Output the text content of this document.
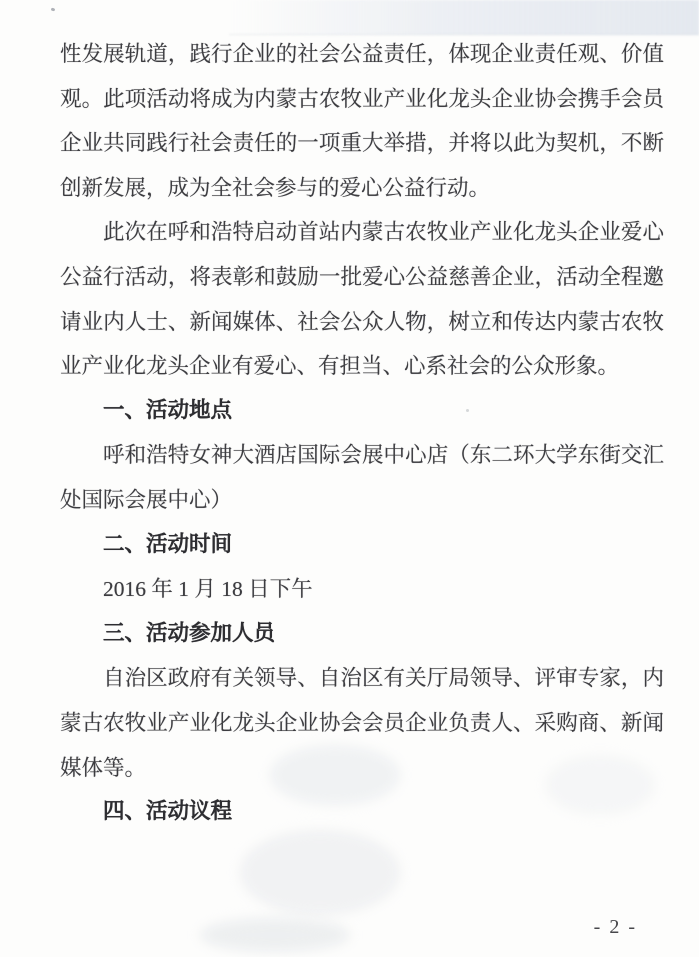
性发展轨道，践行企业的社会公益责任，体现企业责任观、价值观。此项活动将成为内蒙古农牧业产业化龙头企业协会携手会员企业共同践行社会责任的一项重大举措，并将以此为契机，不断创新发展，成为全社会参与的爱心公益行动。

此次在呼和浩特启动首站内蒙古农牧业产业化龙头企业爱心公益行活动，将表彰和鼓励一批爱心公益慈善企业，活动全程邀请业内人士、新闻媒体、社会公众人物，树立和传达内蒙古农牧业产业化龙头企业有爱心、有担当、心系社会的公众形象。

一、活动地点

呼和浩特女神大酒店国际会展中心店（东二环大学东街交汇处国际会展中心）

二、活动时间

2016 年 1 月 18 日下午

三、活动参加人员

自治区政府有关领导、自治区有关厅局领导、评审专家，内蒙古农牧业产业化龙头企业协会会员企业负责人、采购商、新闻媒体等。

四、活动议程

- 2 -
